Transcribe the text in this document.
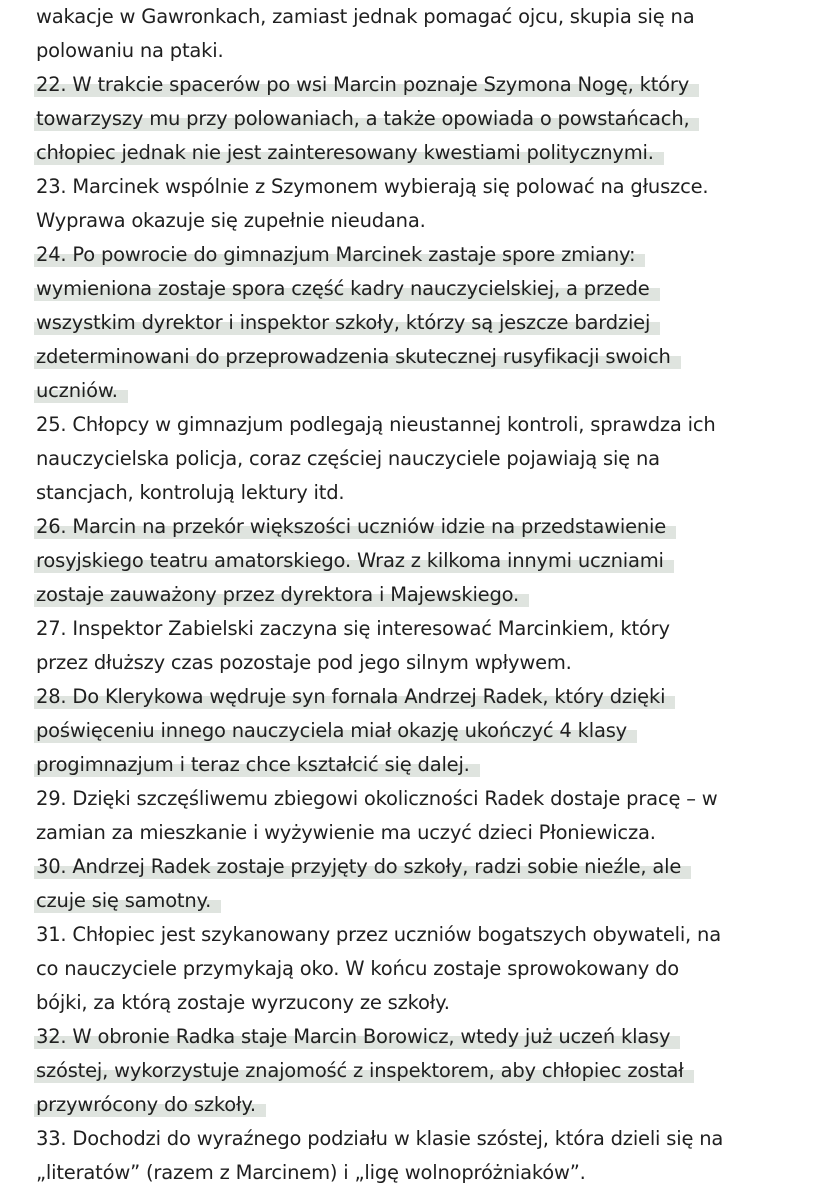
wakacje w Gawronkach, zamiast jednak pomagać ojcu, skupia się na
polowaniu na ptaki.
22. W trakcie spacerów po wsi Marcin poznaje Szymona Nogę, który
towarzyszy mu przy polowaniach, a także opowiada o powstańcach,
chłopiec jednak nie jest zainteresowany kwestiami politycznymi.
23. Marcinek wspólnie z Szymonem wybierają się polować na głuszce.
Wyprawa okazuje się zupełnie nieudana.
24. Po powrocie do gimnazjum Marcinek zastaje spore zmiany:
wymieniona zostaje spora część kadry nauczycielskiej, a przede
wszystkim dyrektor i inspektor szkoły, którzy są jeszcze bardziej
zdeterminowani do przeprowadzenia skutecznej rusyfikacji swoich
uczniów.
25. Chłopcy w gimnazjum podlegają nieustannej kontroli, sprawdza ich
nauczycielska policja, coraz częściej nauczyciele pojawiają się na
stancjach, kontrolują lektury itd.
26. Marcin na przekór większości uczniów idzie na przedstawienie
rosyjskiego teatru amatorskiego. Wraz z kilkoma innymi uczniami
zostaje zauważony przez dyrektora i Majewskiego.
27. Inspektor Zabielski zaczyna się interesować Marcinkiem, który
przez dłuższy czas pozostaje pod jego silnym wpływem.
28. Do Klerykowa wędruje syn fornala Andrzej Radek, który dzięki
poświęceniu innego nauczyciela miał okazję ukończyć 4 klasy
progimnazjum i teraz chce kształcić się dalej.
29. Dzięki szczęśliwemu zbiegowi okoliczności Radek dostaje pracę – w
zamian za mieszkanie i wyżywienie ma uczyć dzieci Płoniewicza.
30. Andrzej Radek zostaje przyjęty do szkoły, radzi sobie nieźle, ale
czuje się samotny.
31. Chłopiec jest szykanowany przez uczniów bogatszych obywateli, na
co nauczyciele przymykają oko. W końcu zostaje sprowokowany do
bójki, za którą zostaje wyrzucony ze szkoły.
32. W obronie Radka staje Marcin Borowicz, wtedy już uczeń klasy
szóstej, wykorzystuje znajomość z inspektorem, aby chłopiec został
przywrócony do szkoły.
33. Dochodzi do wyraźnego podziału w klasie szóstej, która dzieli się na
„literatów” (razem z Marcinem) i „ligę wolnopróżniaków”.
